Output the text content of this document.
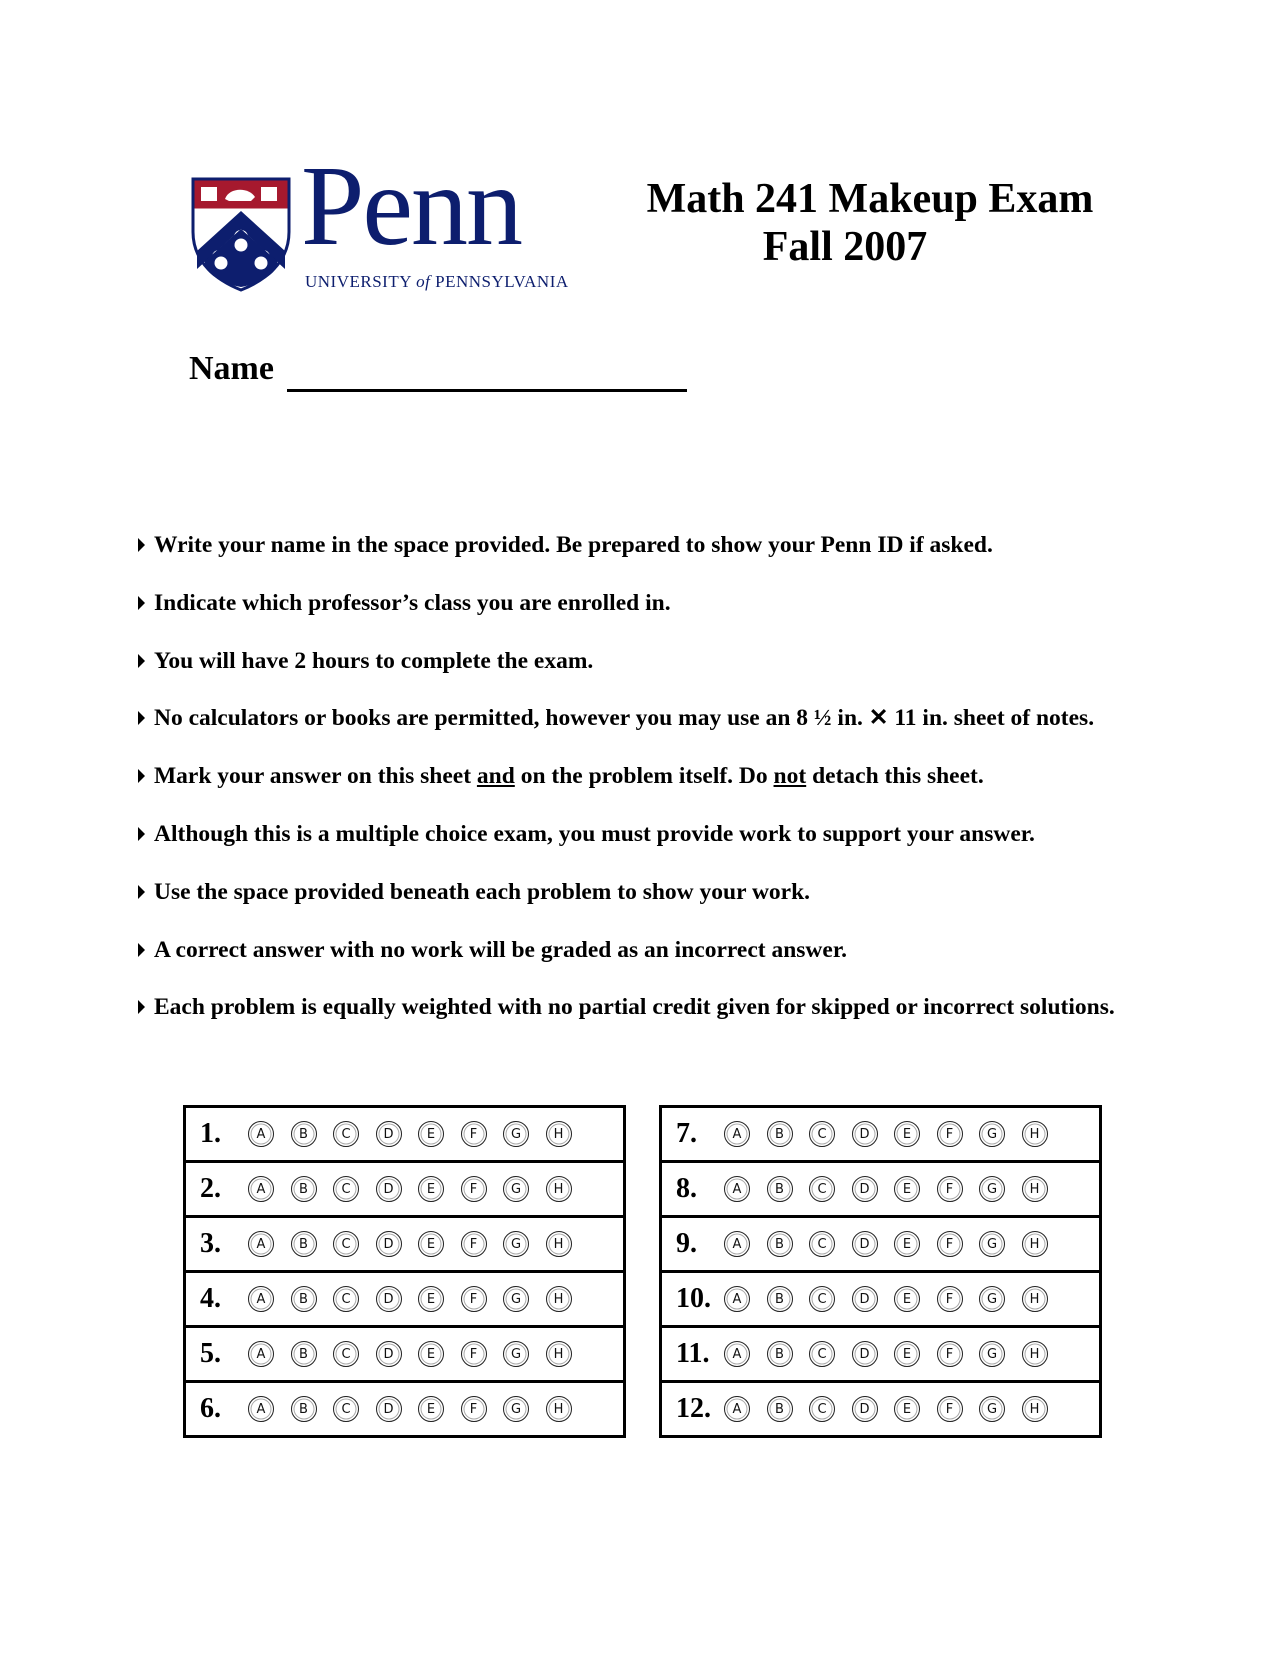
Penn
UNIVERSITY of PENNSYLVANIA
Math 241 Makeup Exam
Fall 2007
Name
Write your name in the space provided. Be prepared to show your Penn ID if asked.
Indicate which professor’s class you are enrolled in.
You will have 2 hours to complete the exam.
No calculators or books are permitted, however you may use an 8 ½ in. ✕ 11 in. sheet of notes.
Mark your answer on this sheet and on the problem itself. Do not detach this sheet.
Although this is a multiple choice exam, you must provide work to support your answer.
Use the space provided beneath each problem to show your work.
A correct answer with no work will be graded as an incorrect answer.
Each problem is equally weighted with no partial credit given for skipped or incorrect solutions.
1.	A	B	C	D	E	F	G	H
2.	A	B	C	D	E	F	G	H
3.	A	B	C	D	E	F	G	H
4.	A	B	C	D	E	F	G	H
5.	A	B	C	D	E	F	G	H
6.	A	B	C	D	E	F	G	H
7.	A	B	C	D	E	F	G	H
8.	A	B	C	D	E	F	G	H
9.	A	B	C	D	E	F	G	H
10.	A	B	C	D	E	F	G	H
11.	A	B	C	D	E	F	G	H
12.	A	B	C	D	E	F	G	H
